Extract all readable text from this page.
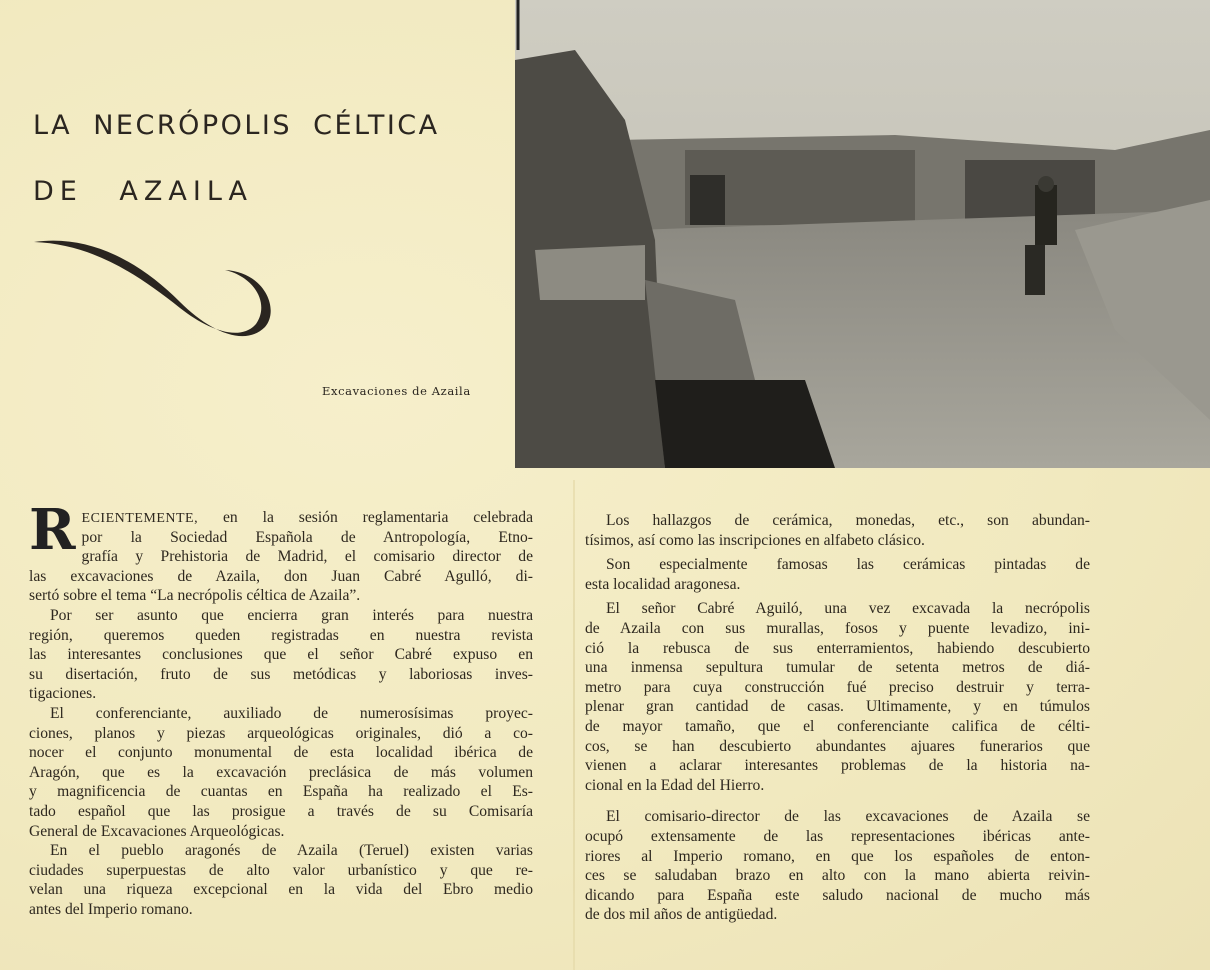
LA NECRÓPOLIS CÉLTICA
DE AZAILA
Excavaciones de Azaila
R ECIENTEMENTE, en la sesión reglamentaria celebrada
por la Sociedad Española de Antropología, Etno-
grafía y Prehistoria de Madrid, el comisario director de
las excavaciones de Azaila, don Juan Cabré Agulló, di-
sertó sobre el tema “La necrópolis céltica de Azaila”.
Por ser asunto que encierra gran interés para nuestra
región, queremos queden registradas en nuestra revista
las interesantes conclusiones que el señor Cabré expuso en
su disertación, fruto de sus metódicas y laboriosas inves-
tigaciones.
El conferenciante, auxiliado de numerosísimas proyec-
ciones, planos y piezas arqueológicas originales, dió a co-
nocer el conjunto monumental de esta localidad ibérica de
Aragón, que es la excavación preclásica de más volumen
y magnificencia de cuantas en España ha realizado el Es-
tado español que las prosigue a través de su Comisaría
General de Excavaciones Arqueológicas.
En el pueblo aragonés de Azaila (Teruel) existen varias
ciudades superpuestas de alto valor urbanístico y que re-
velan una riqueza excepcional en la vida del Ebro medio
antes del Imperio romano.
Los hallazgos de cerámica, monedas, etc., son abundan-
tísimos, así como las inscripciones en alfabeto clásico.
Son especialmente famosas las cerámicas pintadas de
esta localidad aragonesa.
El señor Cabré Aguiló, una vez excavada la necrópolis
de Azaila con sus murallas, fosos y puente levadizo, ini-
ció la rebusca de sus enterramientos, habiendo descubierto
una inmensa sepultura tumular de setenta metros de diá-
metro para cuya construcción fué preciso destruir y terra-
plenar gran cantidad de casas. Ultimamente, y en túmulos
de mayor tamaño, que el conferenciante califica de célti-
cos, se han descubierto abundantes ajuares funerarios que
vienen a aclarar interesantes problemas de la historia na-
cional en la Edad del Hierro.
El comisario-director de las excavaciones de Azaila se
ocupó extensamente de las representaciones ibéricas ante-
riores al Imperio romano, en que los españoles de enton-
ces se saludaban brazo en alto con la mano abierta reivin-
dicando para España este saludo nacional de mucho más
de dos mil años de antigüedad.
